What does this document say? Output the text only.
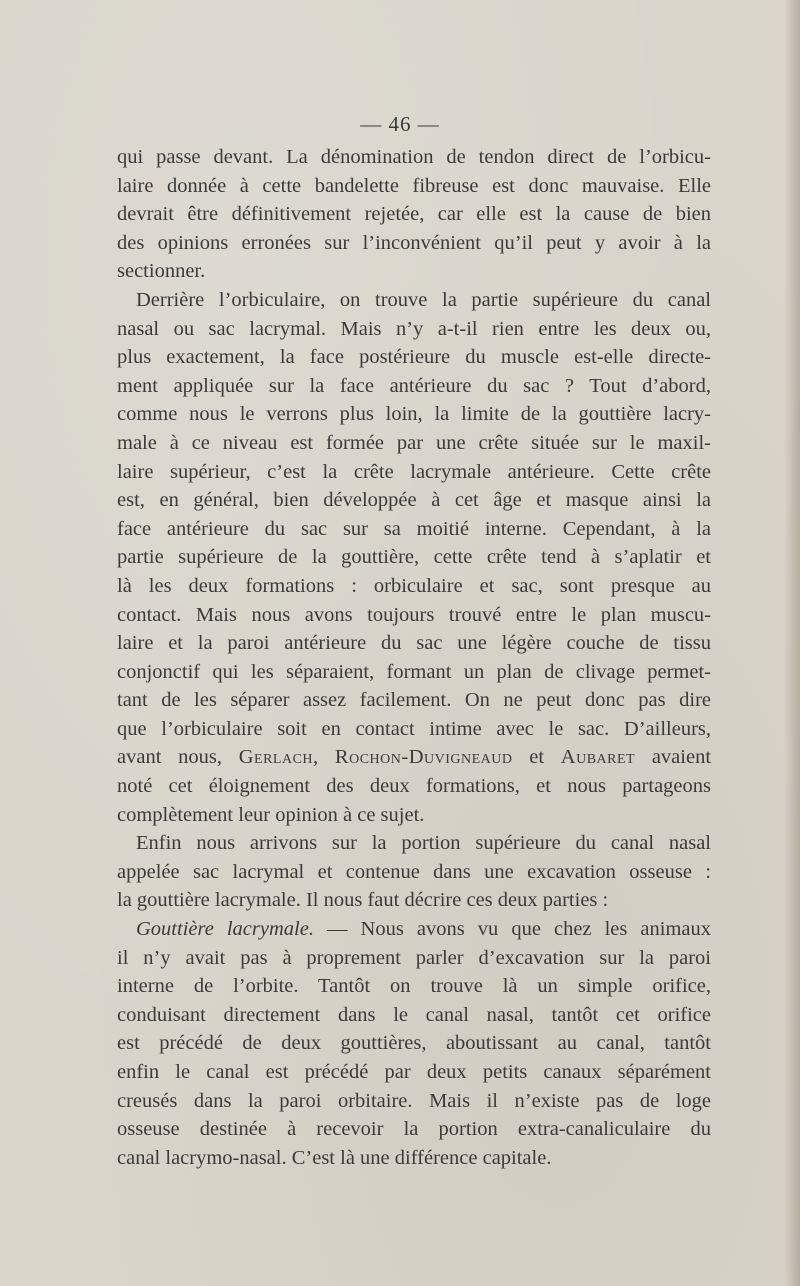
— 46 —
qui passe devant. La dénomination de tendon direct de l’orbicu-
laire donnée à cette bandelette fibreuse est donc mauvaise. Elle
devrait être définitivement rejetée, car elle est la cause de bien
des opinions erronées sur l’inconvénient qu’il peut y avoir à la
sectionner.
Derrière l’orbiculaire, on trouve la partie supérieure du canal
nasal ou sac lacrymal. Mais n’y a-t-il rien entre les deux ou,
plus exactement, la face postérieure du muscle est-elle directe-
ment appliquée sur la face antérieure du sac ? Tout d’abord,
comme nous le verrons plus loin, la limite de la gouttière lacry-
male à ce niveau est formée par une crête située sur le maxil-
laire supérieur, c’est la crête lacrymale antérieure. Cette crête
est, en général, bien développée à cet âge et masque ainsi la
face antérieure du sac sur sa moitié interne. Cependant, à la
partie supérieure de la gouttière, cette crête tend à s’aplatir et
là les deux formations : orbiculaire et sac, sont presque au
contact. Mais nous avons toujours trouvé entre le plan muscu-
laire et la paroi antérieure du sac une légère couche de tissu
conjonctif qui les séparaient, formant un plan de clivage permet-
tant de les séparer assez facilement. On ne peut donc pas dire
que l’orbiculaire soit en contact intime avec le sac. D’ailleurs,
avant nous, Gerlach, Rochon-Duvigneaud et Aubaret avaient
noté cet éloignement des deux formations, et nous partageons
complètement leur opinion à ce sujet.
Enfin nous arrivons sur la portion supérieure du canal nasal
appelée sac lacrymal et contenue dans une excavation osseuse :
la gouttière lacrymale. Il nous faut décrire ces deux parties :
Gouttière lacrymale. — Nous avons vu que chez les animaux
il n’y avait pas à proprement parler d’excavation sur la paroi
interne de l’orbite. Tantôt on trouve là un simple orifice,
conduisant directement dans le canal nasal, tantôt cet orifice
est précédé de deux gouttières, aboutissant au canal, tantôt
enfin le canal est précédé par deux petits canaux séparément
creusés dans la paroi orbitaire. Mais il n’existe pas de loge
osseuse destinée à recevoir la portion extra-canaliculaire du
canal lacrymo-nasal. C’est là une différence capitale.
